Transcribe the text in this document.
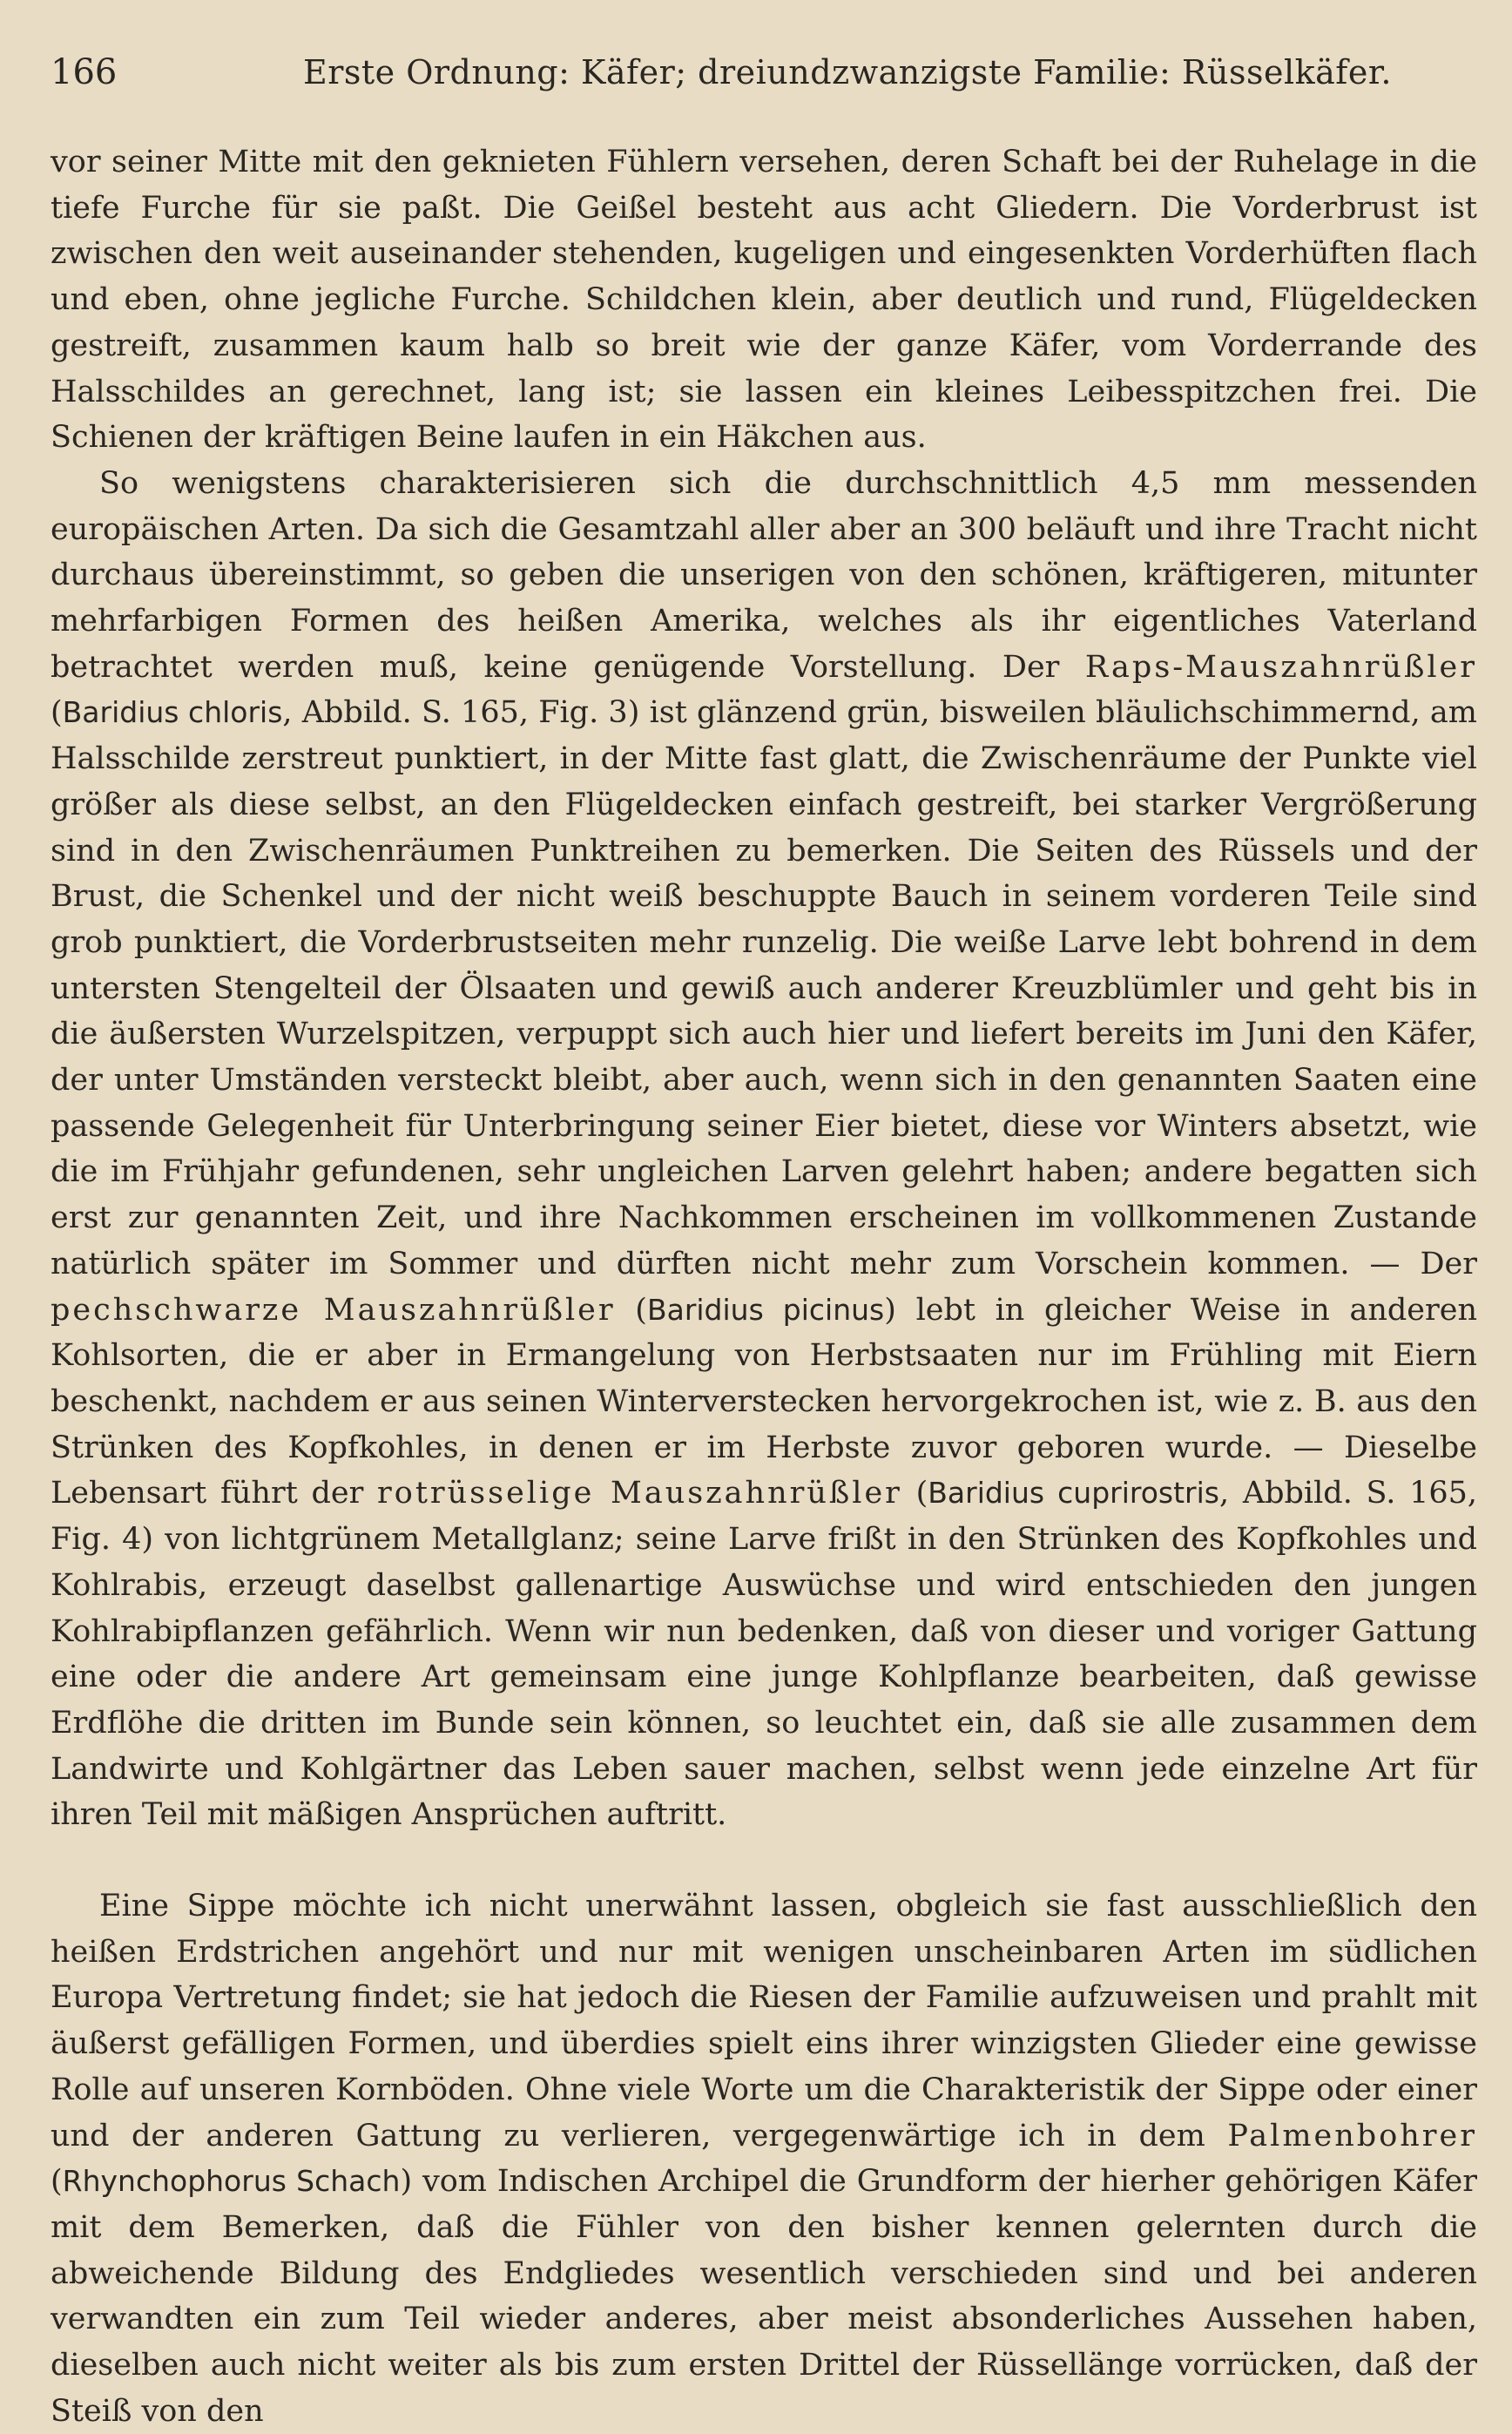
166	Erste Ordnung: Käfer; dreiundzwanzigste Familie: Rüsselkäfer.

vor seiner Mitte mit den geknieten Fühlern versehen, deren Schaft bei der Ruhelage in die tiefe Furche für sie paßt. Die Geißel besteht aus acht Gliedern. Die Vorderbrust ist zwischen den weit auseinander stehenden, kugeligen und eingesenkten Vorderhüften flach und eben, ohne jegliche Furche. Schildchen klein, aber deutlich und rund, Flügeldecken gestreift, zusammen kaum halb so breit wie der ganze Käfer, vom Vorderrande des Halsschildes an gerechnet, lang ist; sie lassen ein kleines Leibesspitzchen frei. Die Schienen der kräftigen Beine laufen in ein Häkchen aus.

So wenigstens charakterisieren sich die durchschnittlich 4,5 mm messenden europäischen Arten. Da sich die Gesamtzahl aller aber an 300 beläuft und ihre Tracht nicht durchaus übereinstimmt, so geben die unserigen von den schönen, kräftigeren, mitunter mehrfarbigen Formen des heißen Amerika, welches als ihr eigentliches Vaterland betrachtet werden muß, keine genügende Vorstellung. Der Raps-Mauszahnrüßler (Baridius chloris, Abbild. S. 165, Fig. 3) ist glänzend grün, bisweilen bläulichschimmernd, am Halsschilde zerstreut punktiert, in der Mitte fast glatt, die Zwischenräume der Punkte viel größer als diese selbst, an den Flügeldecken einfach gestreift, bei starker Vergrößerung sind in den Zwischenräumen Punktreihen zu bemerken. Die Seiten des Rüssels und der Brust, die Schenkel und der nicht weiß beschuppte Bauch in seinem vorderen Teile sind grob punktiert, die Vorderbrustseiten mehr runzelig. Die weiße Larve lebt bohrend in dem untersten Stengelteil der Ölsaaten und gewiß auch anderer Kreuzblümler und geht bis in die äußersten Wurzelspitzen, verpuppt sich auch hier und liefert bereits im Juni den Käfer, der unter Umständen versteckt bleibt, aber auch, wenn sich in den genannten Saaten eine passende Gelegenheit für Unterbringung seiner Eier bietet, diese vor Winters absetzt, wie die im Frühjahr gefundenen, sehr ungleichen Larven gelehrt haben; andere begatten sich erst zur genannten Zeit, und ihre Nachkommen erscheinen im vollkommenen Zustande natürlich später im Sommer und dürften nicht mehr zum Vorschein kommen. — Der pechschwarze Mauszahnrüßler (Baridius picinus) lebt in gleicher Weise in anderen Kohlsorten, die er aber in Ermangelung von Herbstsaaten nur im Frühling mit Eiern beschenkt, nachdem er aus seinen Winterverstecken hervorgekrochen ist, wie z. B. aus den Strünken des Kopfkohles, in denen er im Herbste zuvor geboren wurde. — Dieselbe Lebensart führt der rotrüsselige Mauszahnrüßler (Baridius cuprirostris, Abbild. S. 165, Fig. 4) von lichtgrünem Metallglanz; seine Larve frißt in den Strünken des Kopfkohles und Kohlrabis, erzeugt daselbst gallenartige Auswüchse und wird entschieden den jungen Kohlrabipflanzen gefährlich. Wenn wir nun bedenken, daß von dieser und voriger Gattung eine oder die andere Art gemeinsam eine junge Kohlpflanze bearbeiten, daß gewisse Erdflöhe die dritten im Bunde sein können, so leuchtet ein, daß sie alle zusammen dem Landwirte und Kohlgärtner das Leben sauer machen, selbst wenn jede einzelne Art für ihren Teil mit mäßigen Ansprüchen auftritt.

Eine Sippe möchte ich nicht unerwähnt lassen, obgleich sie fast ausschließlich den heißen Erdstrichen angehört und nur mit wenigen unscheinbaren Arten im südlichen Europa Vertretung findet; sie hat jedoch die Riesen der Familie aufzuweisen und prahlt mit äußerst gefälligen Formen, und überdies spielt eins ihrer winzigsten Glieder eine gewisse Rolle auf unseren Kornböden. Ohne viele Worte um die Charakteristik der Sippe oder einer und der anderen Gattung zu verlieren, vergegenwärtige ich in dem Palmenbohrer (Rhynchophorus Schach) vom Indischen Archipel die Grundform der hierher gehörigen Käfer mit dem Bemerken, daß die Fühler von den bisher kennen gelernten durch die abweichende Bildung des Endgliedes wesentlich verschieden sind und bei anderen verwandten ein zum Teil wieder anderes, aber meist absonderliches Aussehen haben, dieselben auch nicht weiter als bis zum ersten Drittel der Rüssellänge vorrücken, daß der Steiß von den
